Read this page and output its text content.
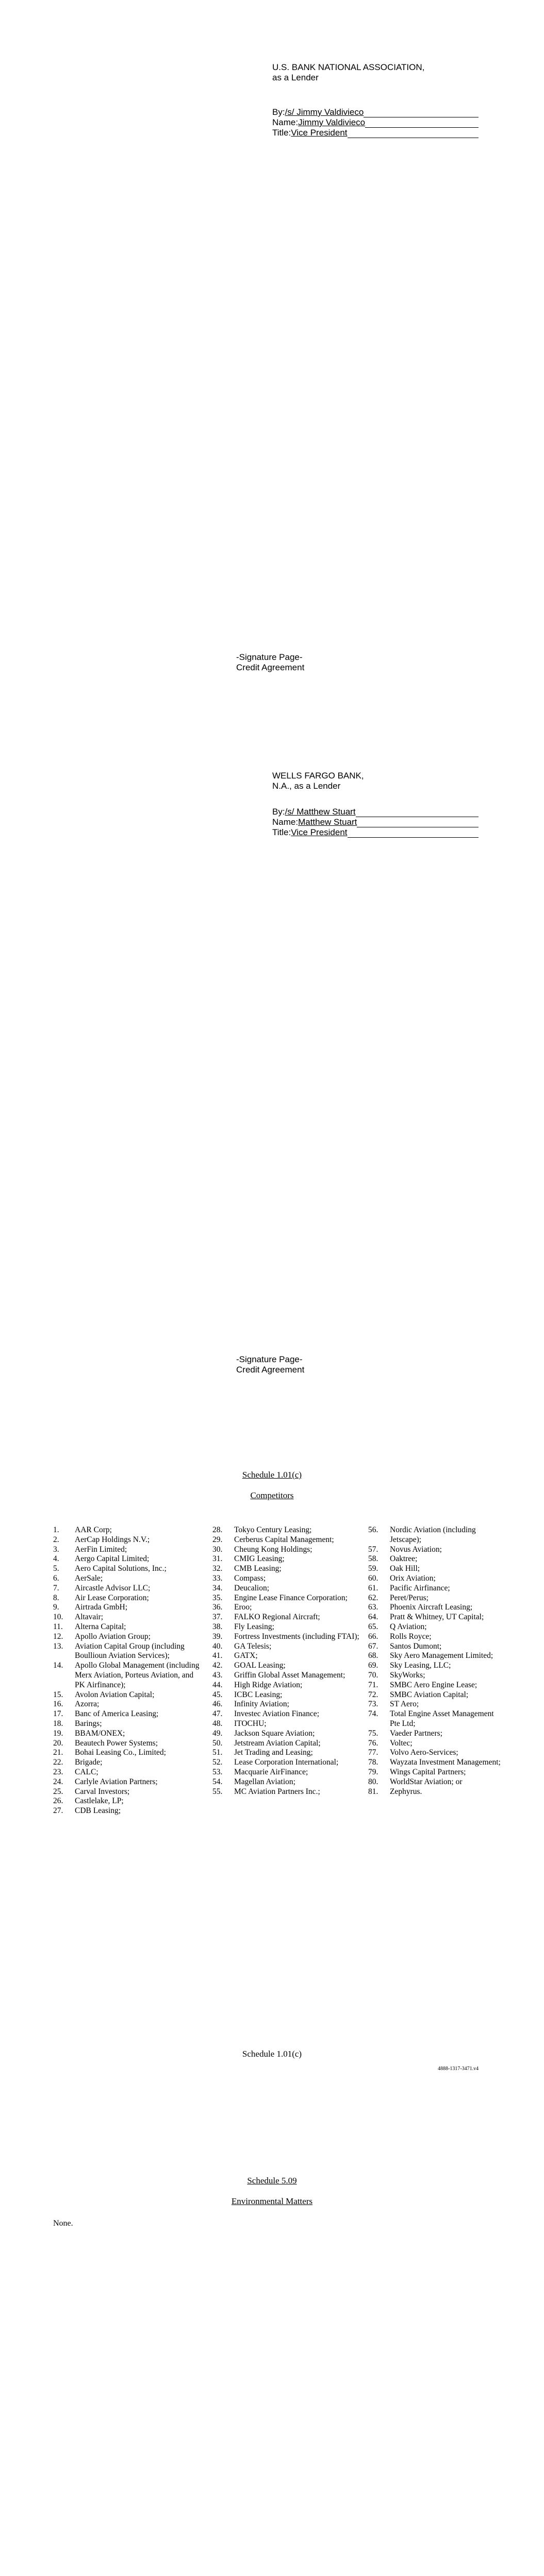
U.S. BANK NATIONAL ASSOCIATION,
as a Lender
By: /s/ Jimmy Valdivieco
Name: Jimmy Valdivieco
Title: Vice President
-Signature Page-
Credit Agreement
WELLS FARGO BANK,
N.A., as a Lender
By: /s/ Matthew Stuart
Name: Matthew Stuart
Title: Vice President
-Signature Page-
Credit Agreement
Schedule 1.01(c)
Competitors
1.	AAR Corp;
2.	AerCap Holdings N.V.;
3.	AerFin Limited;
4.	Aergo Capital Limited;
5.	Aero Capital Solutions, Inc.;
6.	AerSale;
7.	Aircastle Advisor LLC;
8.	Air Lease Corporation;
9.	Airtrada GmbH;
10.	Altavair;
11.	Alterna Capital;
12.	Apollo Aviation Group;
13.	Aviation Capital Group (including Boullioun Aviation Services);
14.	Apollo Global Management (including Merx Aviation, Porteus Aviation, and PK Airfinance);
15.	Avolon Aviation Capital;
16.	Azorra;
17.	Banc of America Leasing;
18.	Barings;
19.	BBAM/ONEX;
20.	Beautech Power Systems;
21.	Bohai Leasing Co., Limited;
22.	Brigade;
23.	CALC;
24.	Carlyle Aviation Partners;
25.	Carval Investors;
26.	Castlelake, LP;
27.	CDB Leasing;
28.	Tokyo Century Leasing;
29.	Cerberus Capital Management;
30.	Cheung Kong Holdings;
31.	CMIG Leasing;
32.	CMB Leasing;
33.	Compass;
34.	Deucalion;
35.	Engine Lease Finance Corporation;
36.	Eroo;
37.	FALKO Regional Aircraft;
38.	Fly Leasing;
39.	Fortress Investments (including FTAI);
40.	GA Telesis;
41.	GATX;
42.	GOAL Leasing;
43.	Griffin Global Asset Management;
44.	High Ridge Aviation;
45.	ICBC Leasing;
46.	Infinity Aviation;
47.	Investec Aviation Finance;
48.	ITOCHU;
49.	Jackson Square Aviation;
50.	Jetstream Aviation Capital;
51.	Jet Trading and Leasing;
52.	Lease Corporation International;
53.	Macquarie AirFinance;
54.	Magellan Aviation;
55.	MC Aviation Partners Inc.;
56.	Nordic Aviation (including Jetscape);
57.	Novus Aviation;
58.	Oaktree;
59.	Oak Hill;
60.	Orix Aviation;
61.	Pacific Airfinance;
62.	Peret/Perus;
63.	Phoenix Aircraft Leasing;
64.	Pratt & Whitney, UT Capital;
65.	Q Aviation;
66.	Rolls Royce;
67.	Santos Dumont;
68.	Sky Aero Management Limited;
69.	Sky Leasing, LLC;
70.	SkyWorks;
71.	SMBC Aero Engine Lease;
72.	SMBC Aviation Capital;
73.	ST Aero;
74.	Total Engine Asset Management Pte Ltd;
75.	Vaeder Partners;
76.	Voltec;
77.	Volvo Aero-Services;
78.	Wayzata Investment Management;
79.	Wings Capital Partners;
80.	WorldStar Aviation; or
81.	Zephyrus.
Schedule 1.01(c)
4888-1317-3471.v4
Schedule 5.09
Environmental Matters
None.
